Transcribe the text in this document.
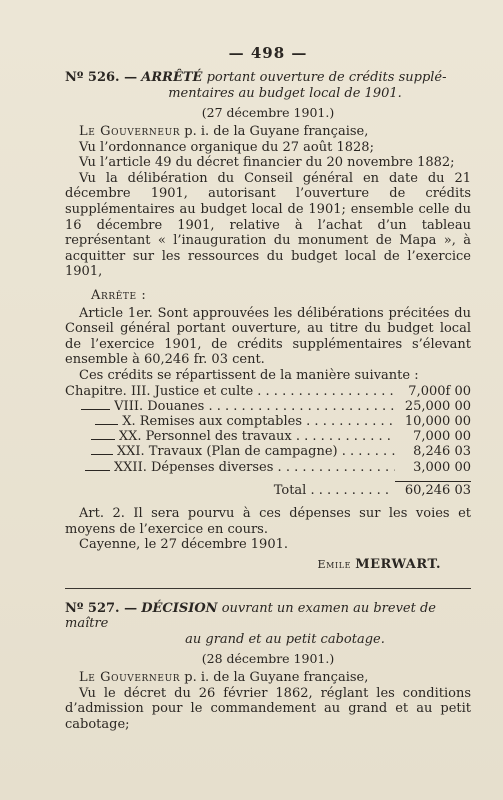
— 498 —

Nº 526. — ARRÊTÉ portant ouverture de crédits supplé-

mentaires au budget local de 1901.

(27 décembre 1901.)

Le Gouverneur p. i. de la Guyane française,

Vu l’ordonnance organique du 27 août 1828;

Vu l’article 49 du décret financier du 20 novembre 1882;

Vu la délibération du Conseil général en date du 21 décembre 1901, autorisant l’ouverture de crédits supplémentaires au budget local de 1901; ensemble celle du 16 décembre 1901, relative à l’achat d’un tableau représentant « l’inauguration du monument de Mapa », à acquitter sur les ressources du budget local de l’exercice 1901,

Arrête :

Article 1er. Sont approuvées les délibérations précitées du Conseil général portant ouverture, au titre du budget local de l’exercice 1901, de crédits supplémentaires s’élevant ensemble à 60,246 fr. 03 cent.

Ces crédits se répartissent de la manière suivante :

Chapitre. III. Justice et culte . . .	7,000f 00
VIII. Douanes . . .	25,000 00
X. Remises aux comptables . . .	10,000 00
XX. Personnel des travaux . . .	7,000 00
XXI. Travaux (Plan de campagne) . . .	8,246 03
XXII. Dépenses diverses . . .	3,000 00
Total . . .	60,246 03

Art. 2. Il sera pourvu à ces dépenses sur les voies et moyens de l’exercice en cours.

Cayenne, le 27 décembre 1901.

Emile MERWART.

Nº 527. — DÉCISION ouvrant un examen au brevet de maître

au grand et au petit cabotage.

(28 décembre 1901.)

Le Gouverneur p. i. de la Guyane française,

Vu le décret du 26 février 1862, réglant les conditions d’admission pour le commandement au grand et au petit cabotage;
